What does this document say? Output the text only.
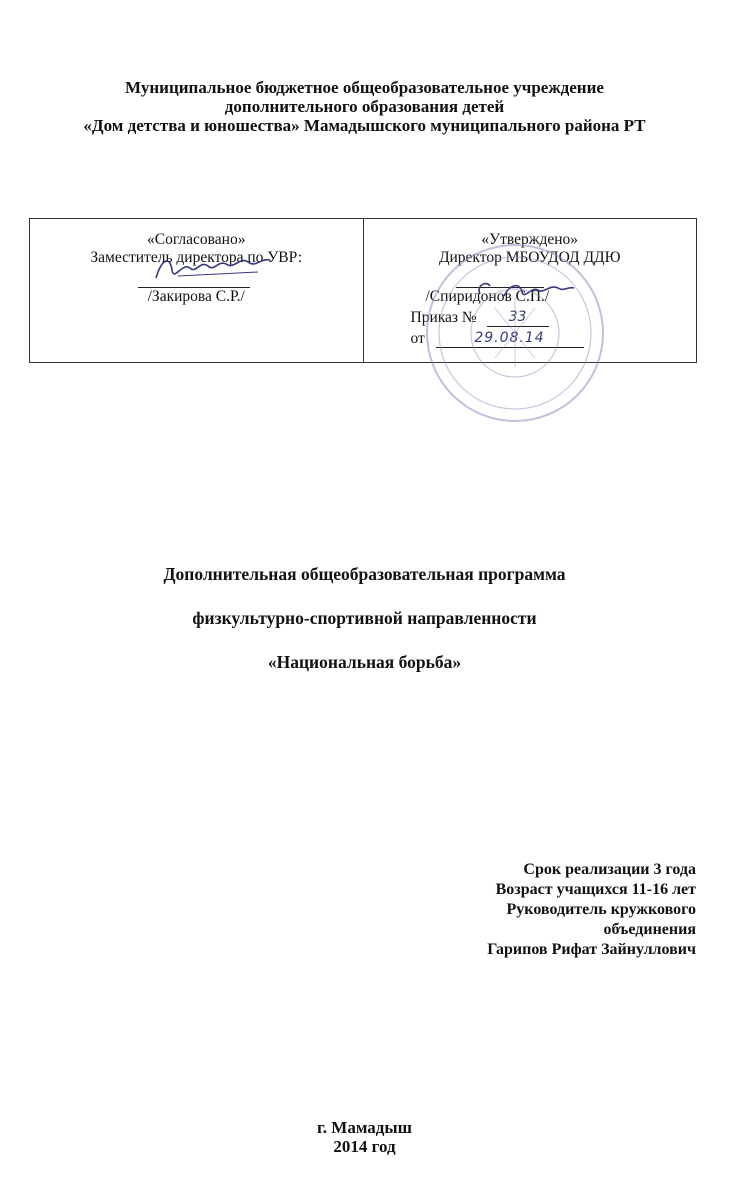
Муниципальное бюджетное общеобразовательное учреждение
дополнительного образования детей
«Дом детства и юношества» Мамадышского муниципального района РТ
«Согласовано»
Заместитель директора по УВР:
/Закирова С.Р./
«Утверждено»
Директор МБОУДОД ДДЮ
/Спиридонов С.П./
Приказ №	33
от	29.08.14
Дополнительная общеобразовательная программа
физкультурно-спортивной направленности
«Национальная борьба»
Срок реализации 3 года
Возраст учащихся 11-16 лет
Руководитель кружкового
объединения
Гарипов Рифат Зайнуллович
г. Мамадыш
2014 год
